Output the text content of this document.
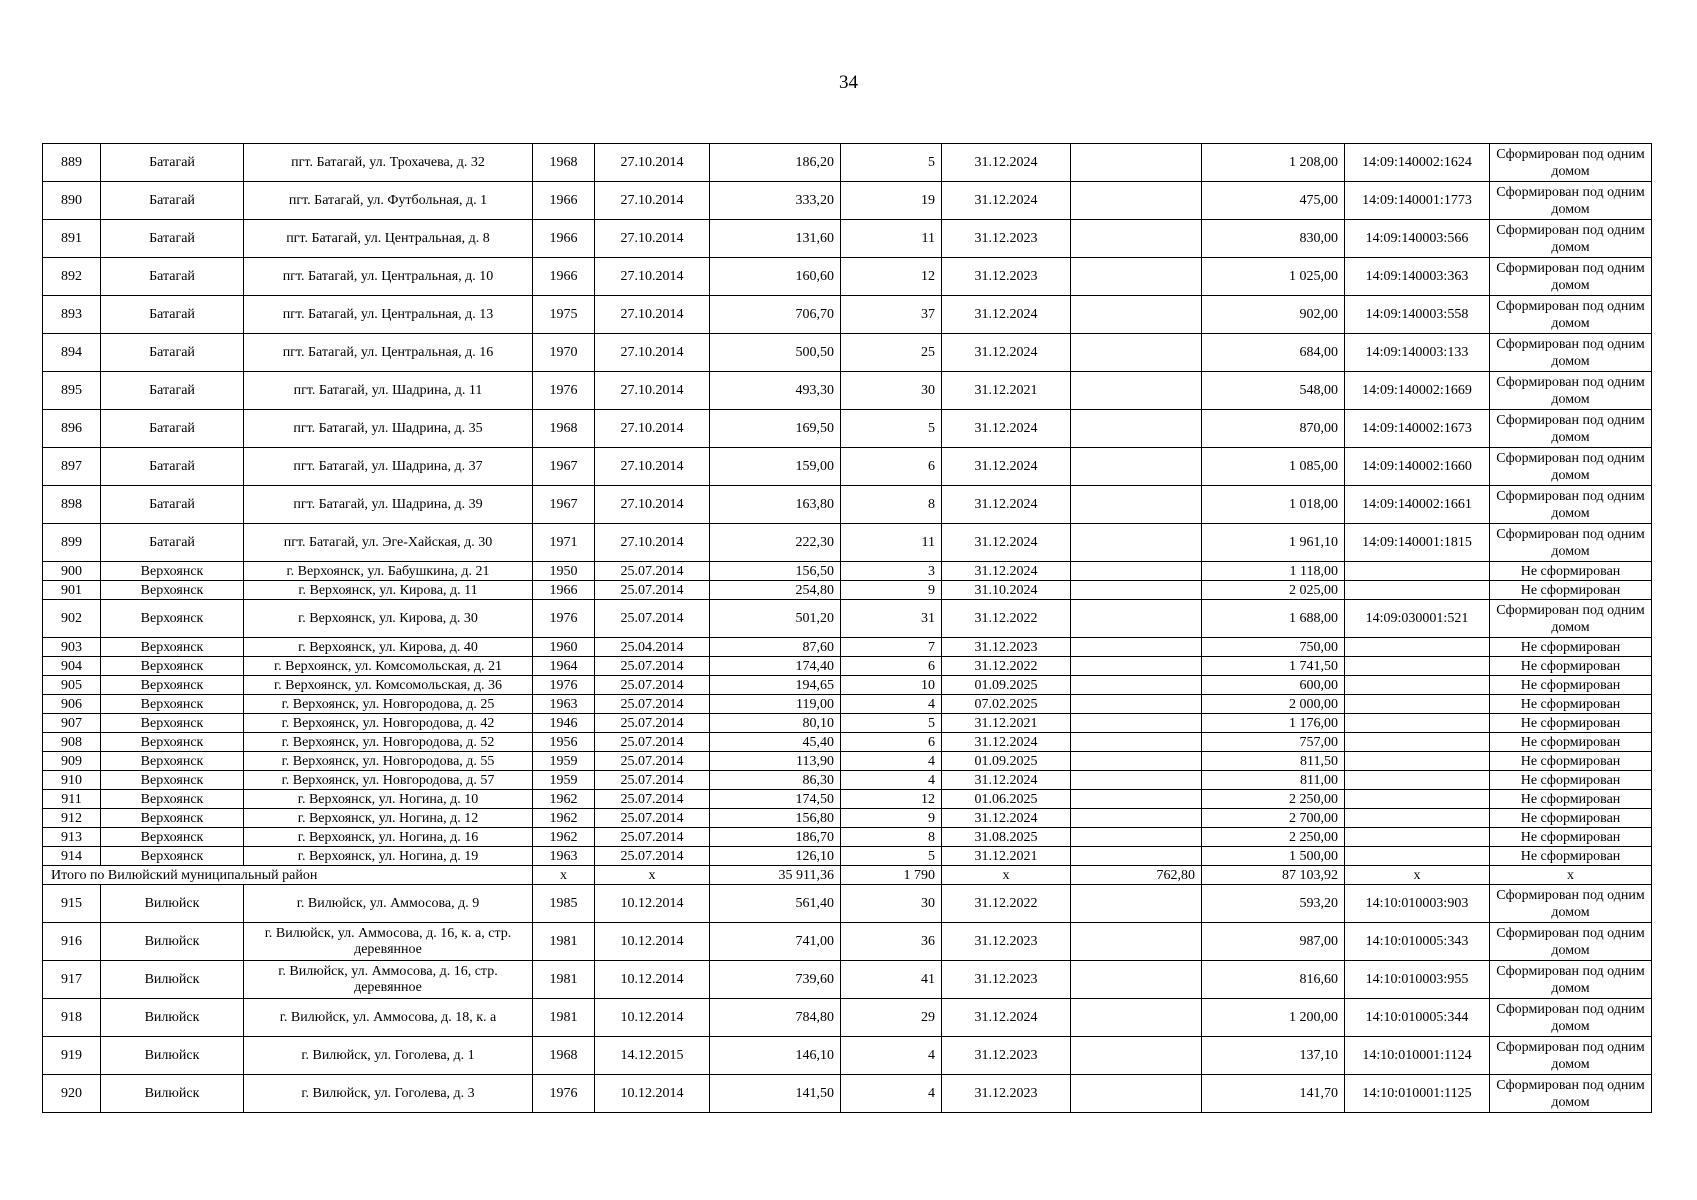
34
889	Батагай	пгт. Батагай, ул. Трохачева, д. 32	1968	27.10.2014	186,20	5	31.12.2024		1 208,00	14:09:140002:1624	Сформирован под одним домом
890	Батагай	пгт. Батагай, ул. Футбольная, д. 1	1966	27.10.2014	333,20	19	31.12.2024		475,00	14:09:140001:1773	Сформирован под одним домом
891	Батагай	пгт. Батагай, ул. Центральная, д. 8	1966	27.10.2014	131,60	11	31.12.2023		830,00	14:09:140003:566	Сформирован под одним домом
892	Батагай	пгт. Батагай, ул. Центральная, д. 10	1966	27.10.2014	160,60	12	31.12.2023		1 025,00	14:09:140003:363	Сформирован под одним домом
893	Батагай	пгт. Батагай, ул. Центральная, д. 13	1975	27.10.2014	706,70	37	31.12.2024		902,00	14:09:140003:558	Сформирован под одним домом
894	Батагай	пгт. Батагай, ул. Центральная, д. 16	1970	27.10.2014	500,50	25	31.12.2024		684,00	14:09:140003:133	Сформирован под одним домом
895	Батагай	пгт. Батагай, ул. Шадрина, д. 11	1976	27.10.2014	493,30	30	31.12.2021		548,00	14:09:140002:1669	Сформирован под одним домом
896	Батагай	пгт. Батагай, ул. Шадрина, д. 35	1968	27.10.2014	169,50	5	31.12.2024		870,00	14:09:140002:1673	Сформирован под одним домом
897	Батагай	пгт. Батагай, ул. Шадрина, д. 37	1967	27.10.2014	159,00	6	31.12.2024		1 085,00	14:09:140002:1660	Сформирован под одним домом
898	Батагай	пгт. Батагай, ул. Шадрина, д. 39	1967	27.10.2014	163,80	8	31.12.2024		1 018,00	14:09:140002:1661	Сформирован под одним домом
899	Батагай	пгт. Батагай, ул. Эге-Хайская, д. 30	1971	27.10.2014	222,30	11	31.12.2024		1 961,10	14:09:140001:1815	Сформирован под одним домом
900	Верхоянск	г. Верхоянск, ул. Бабушкина, д. 21	1950	25.07.2014	156,50	3	31.12.2024		1 118,00		Не сформирован
901	Верхоянск	г. Верхоянск, ул. Кирова, д. 11	1966	25.07.2014	254,80	9	31.10.2024		2 025,00		Не сформирован
902	Верхоянск	г. Верхоянск, ул. Кирова, д. 30	1976	25.07.2014	501,20	31	31.12.2022		1 688,00	14:09:030001:521	Сформирован под одним домом
903	Верхоянск	г. Верхоянск, ул. Кирова, д. 40	1960	25.04.2014	87,60	7	31.12.2023		750,00		Не сформирован
904	Верхоянск	г. Верхоянск, ул. Комсомольская, д. 21	1964	25.07.2014	174,40	6	31.12.2022		1 741,50		Не сформирован
905	Верхоянск	г. Верхоянск, ул. Комсомольская, д. 36	1976	25.07.2014	194,65	10	01.09.2025		600,00		Не сформирован
906	Верхоянск	г. Верхоянск, ул. Новгородова, д. 25	1963	25.07.2014	119,00	4	07.02.2025		2 000,00		Не сформирован
907	Верхоянск	г. Верхоянск, ул. Новгородова, д. 42	1946	25.07.2014	80,10	5	31.12.2021		1 176,00		Не сформирован
908	Верхоянск	г. Верхоянск, ул. Новгородова, д. 52	1956	25.07.2014	45,40	6	31.12.2024		757,00		Не сформирован
909	Верхоянск	г. Верхоянск, ул. Новгородова, д. 55	1959	25.07.2014	113,90	4	01.09.2025		811,50		Не сформирован
910	Верхоянск	г. Верхоянск, ул. Новгородова, д. 57	1959	25.07.2014	86,30	4	31.12.2024		811,00		Не сформирован
911	Верхоянск	г. Верхоянск, ул. Ногина, д. 10	1962	25.07.2014	174,50	12	01.06.2025		2 250,00		Не сформирован
912	Верхоянск	г. Верхоянск, ул. Ногина, д. 12	1962	25.07.2014	156,80	9	31.12.2024		2 700,00		Не сформирован
913	Верхоянск	г. Верхоянск, ул. Ногина, д. 16	1962	25.07.2014	186,70	8	31.08.2025		2 250,00		Не сформирован
914	Верхоянск	г. Верхоянск, ул. Ногина, д. 19	1963	25.07.2014	126,10	5	31.12.2021		1 500,00		Не сформирован
Итого по Вилюйский муниципальный район			x	x	35 911,36	1 790	x	762,80	87 103,92	x	x
915	Вилюйск	г. Вилюйск, ул. Аммосова, д. 9	1985	10.12.2014	561,40	30	31.12.2022		593,20	14:10:010003:903	Сформирован под одним домом
916	Вилюйск	г. Вилюйск, ул. Аммосова, д. 16, к. а, стр. деревянное	1981	10.12.2014	741,00	36	31.12.2023		987,00	14:10:010005:343	Сформирован под одним домом
917	Вилюйск	г. Вилюйск, ул. Аммосова, д. 16, стр. деревянное	1981	10.12.2014	739,60	41	31.12.2023		816,60	14:10:010003:955	Сформирован под одним домом
918	Вилюйск	г. Вилюйск, ул. Аммосова, д. 18, к. а	1981	10.12.2014	784,80	29	31.12.2024		1 200,00	14:10:010005:344	Сформирован под одним домом
919	Вилюйск	г. Вилюйск, ул. Гоголева, д. 1	1968	14.12.2015	146,10	4	31.12.2023		137,10	14:10:010001:1124	Сформирован под одним домом
920	Вилюйск	г. Вилюйск, ул. Гоголева, д. 3	1976	10.12.2014	141,50	4	31.12.2023		141,70	14:10:010001:1125	Сформирован под одним домом
